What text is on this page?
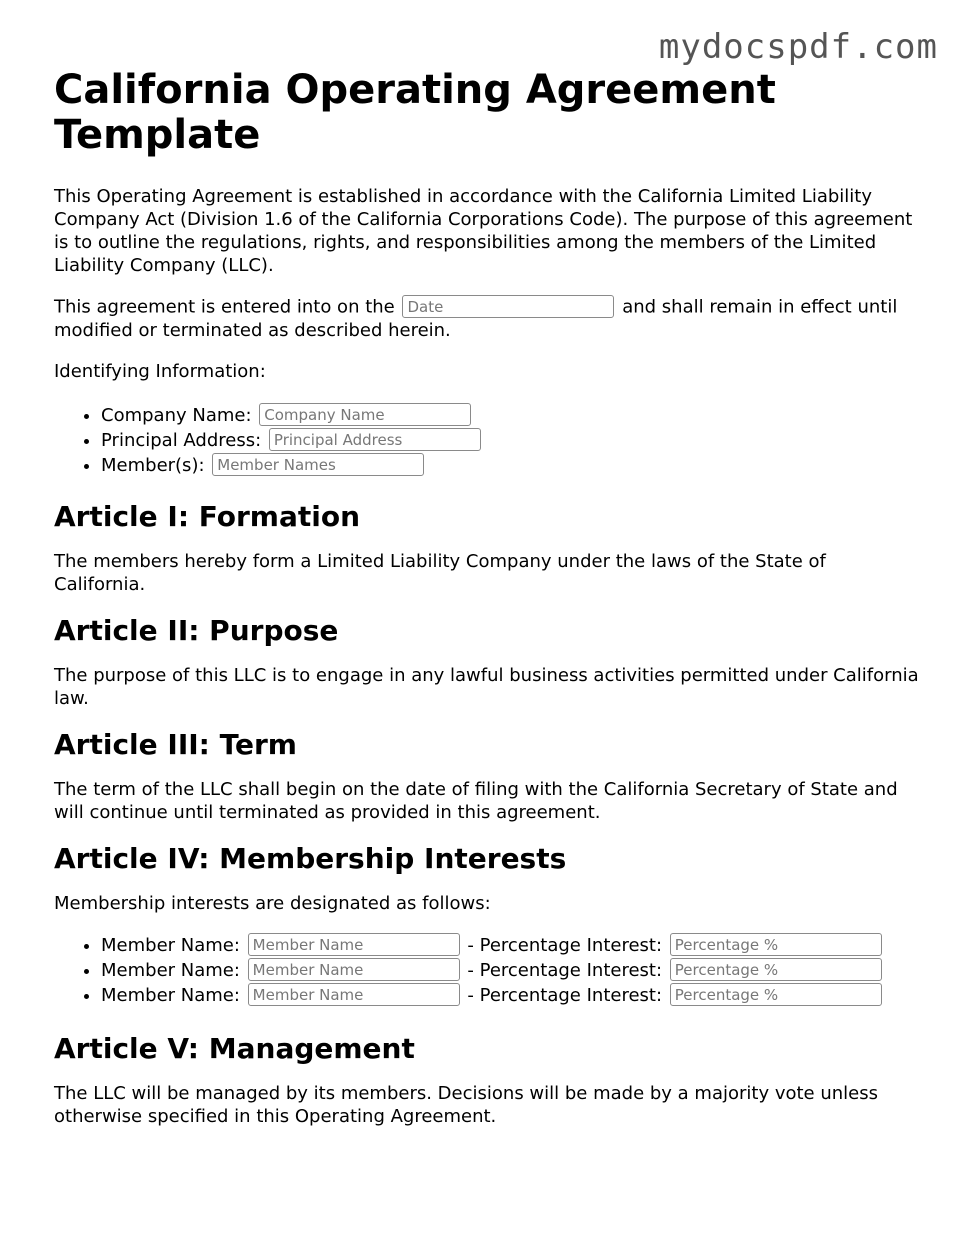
mydocspdf.com
California Operating Agreement Template

This Operating Agreement is established in accordance with the California Limited Liability Company Act (Division 1.6 of the California Corporations Code). The purpose of this agreement is to outline the regulations, rights, and responsibilities among the members of the Limited Liability Company (LLC).

This agreement is entered into on the Date	and shall remain in effect until modified or terminated as described herein.

Identifying Information:

• Company Name: Company Name
• Principal Address: Principal Address
• Member(s): Member Names
Article I: Formation

The members hereby form a Limited Liability Company under the laws of the State of California.

Article II: Purpose

The purpose of this LLC is to engage in any lawful business activities permitted under California law.

Article III: Term

The term of the LLC shall begin on the date of filing with the California Secretary of State and will continue until terminated as provided in this agreement.

Article IV: Membership Interests

Membership interests are designated as follows:

• Member Name: Member Name	- Percentage Interest: Percentage %
• Member Name: Member Name	- Percentage Interest: Percentage %
• Member Name: Member Name	- Percentage Interest: Percentage %
Article V: Management

The LLC will be managed by its members. Decisions will be made by a majority vote unless otherwise specified in this Operating Agreement.
